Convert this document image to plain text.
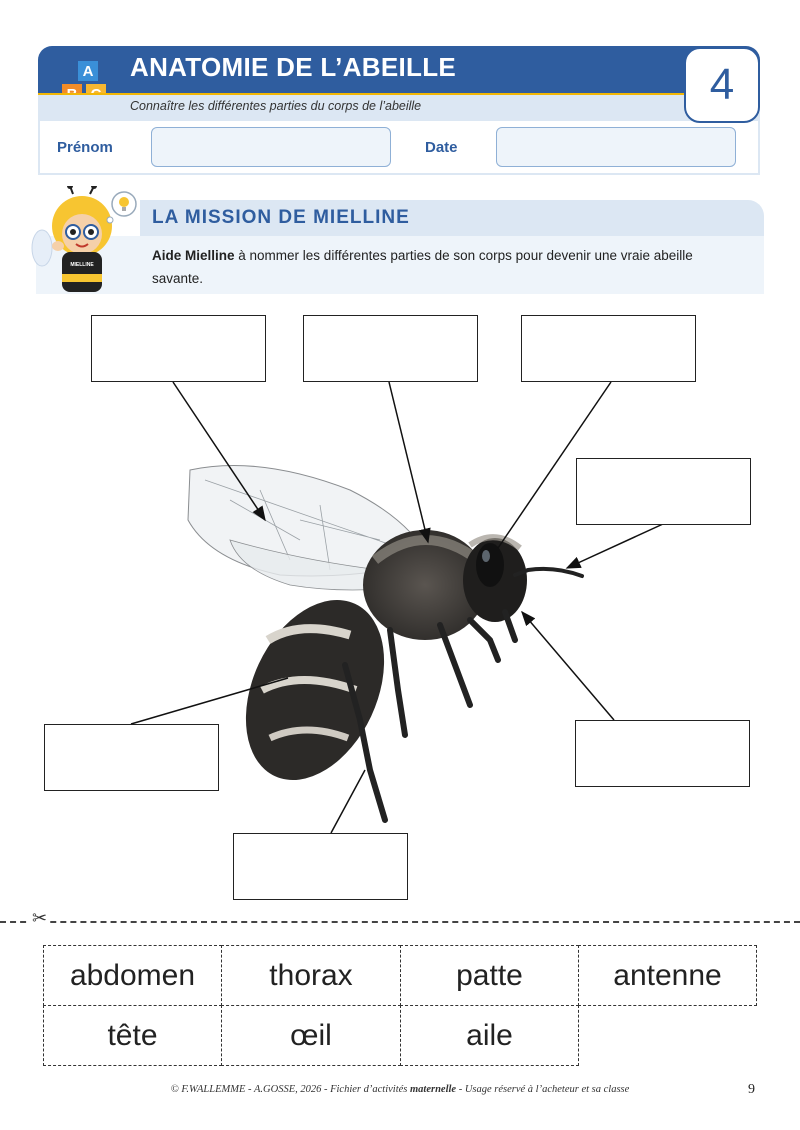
A ANATOMIE DE L’ABEILLE
Connaître les différentes parties du corps de l’abeille	4
Prénom	Date
MIELLINE
LA MISSION DE MIELLINE
Aide Mielline à nommer les différentes parties de son corps pour devenir une vraie abeille savante.
✂
abdomen	thorax	patte	antenne
tête	œil	aile
© F.WALLEMME - A.GOSSE, 2026 - Fichier d’activités maternelle - Usage réservé à l’acheteur et sa classe	9
